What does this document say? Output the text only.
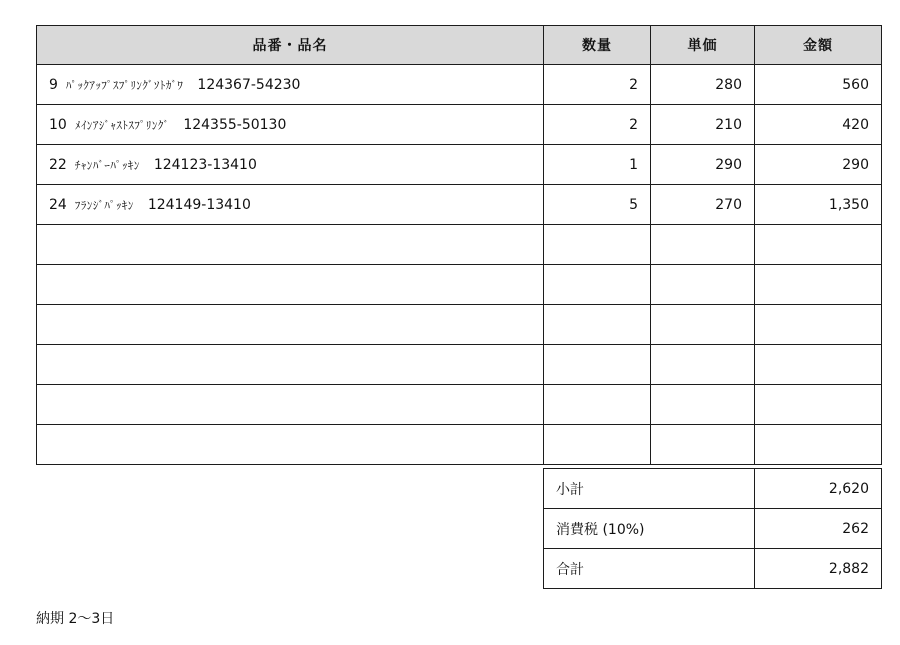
品番・品名	数量	単価	金額
9 ﾊﾟｯｸｱｯﾌﾟｽﾌﾟﾘﾝｸﾞｿﾄｶﾞﾜ 124367-54230	2	280	560
10 ﾒｲﾝｱｼﾞｬｽﾄｽﾌﾟﾘﾝｸﾞ 124355-50130	2	210	420
22 ﾁｬﾝﾊﾞｰﾊﾟｯｷﾝ 124123-13410	1	290	290
24 ﾌﾗﾝｼﾞﾊﾟｯｷﾝ 124149-13410	5	270	1,350

小計	2,620
消費税 (10%)	262
合計	2,882
納期 2〜3日
